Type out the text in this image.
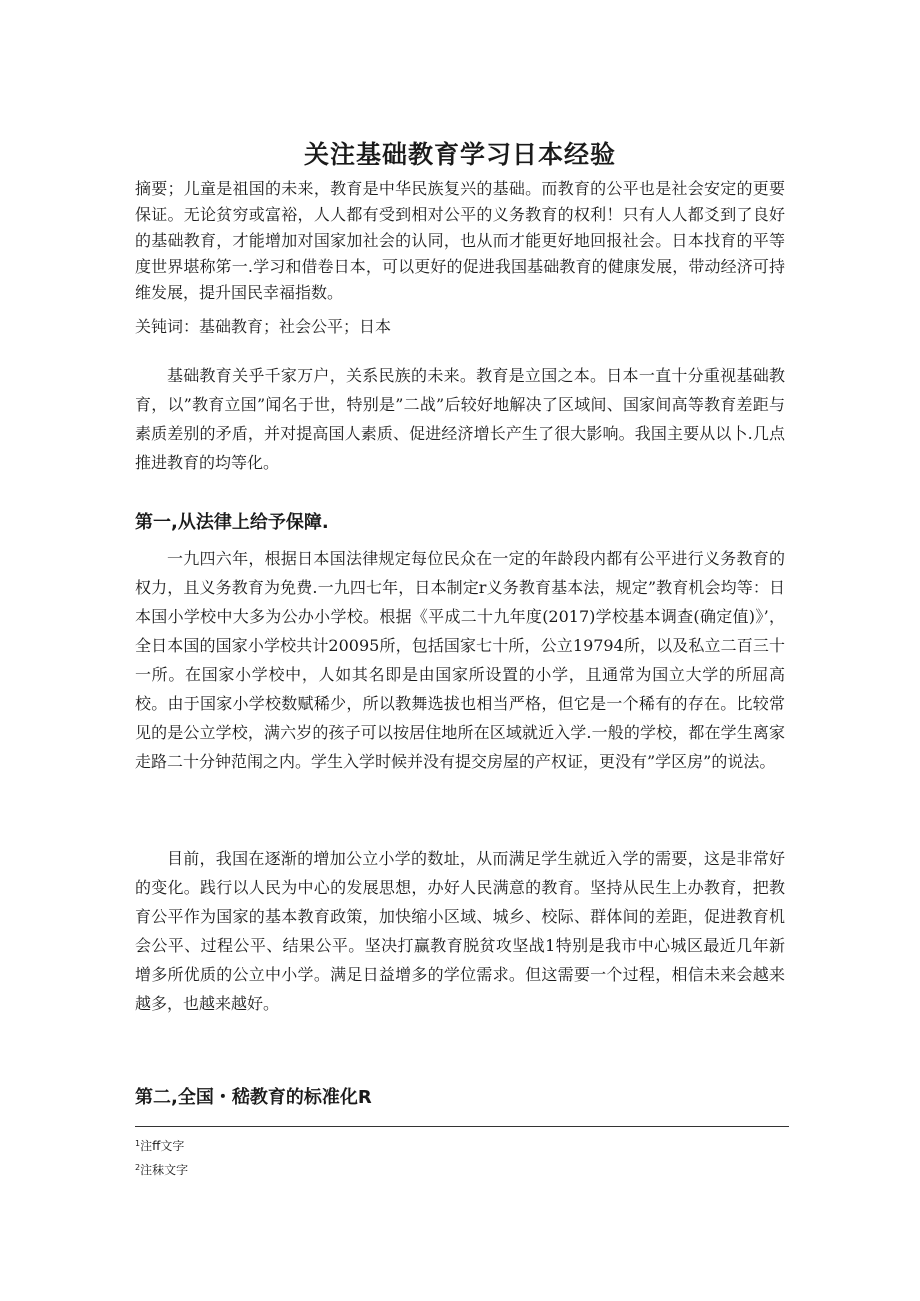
关注基础教育学习日本经验

摘要；儿童是祖国的未来，教育是中华民族复兴的基础。而教育的公平也是社会安定的更要保证。无论贫穷或富裕，人人都有受到相对公平的义务教育的权利！只有人人都爻到了良好的基础教育，才能增加对国家加社会的认同，也从而才能更好地回报社会。日本找育的平等度世界堪称笫一.学习和借卷日本，可以更好的促进我国基础教育的健康发展，带动经济可持维发展，提升国民幸福指数。

关钝词：基础教育；社会公平；日本

基础教育关乎千家万户，关系民族的未来。教育是立国之本。日本一直十分重视基础教育，以”教育立国”闻名于世，特别是”二战”后较好地解决了区域间、国家间高等教育差距与素质差别的矛盾，并对提高国人素质、促进经济增长产生了很大影响。我国主要从以卜.几点推进教育的均等化。

第一,从法律上给予保障.

一九四六年，根据日本国法律规定每位民众在一定的年龄段内都有公平进行义务教育的权力，且义务教育为免费.一九四七年，日本制定r义务教育基本法，规定”教育机会均等：日本国小学校中大多为公办小学校。根据《平成二十九年度(2017)学校基本调查(确定值)》’，全日本国的国家小学校共计20095所，包括国家七十所，公立19794所，以及私立二百三十一所。在国家小学校中，人如其名即是由国家所设置的小学，且通常为国立大学的所屈高校。由于国家小学校数赋稀少，所以教舞选拔也相当严格，但它是一个稀有的存在。比较常见的是公立学校，满六岁的孩子可以按居住地所在区域就近入学.一般的学校，都在学生离家走路二十分钟范闱之内。学生入学时候并没有提交房屋的产权证，更没有”学区房”的说法。

目前，我国在逐渐的增加公立小学的数址，从而满足学生就近入学的需要，这是非常好的变化。践行以人民为中心的发展思想，办好人民满意的教育。坚持从民生上办教育，把教育公平作为国家的基本教育政策，加快缩小区域、城乡、校际、群体间的差距，促进教育机会公平、过程公平、结果公平。坚决打赢教育脱贫攻坚战1特别是我市中心城区最近几年新增多所优质的公立中小学。满足日益增多的学位需求。但这需要一个过程，相信未来会越来越多，也越来越好。

第二,全国・嵇教育的标准化R
$^1$注ff文字
$^2$注秣文字
